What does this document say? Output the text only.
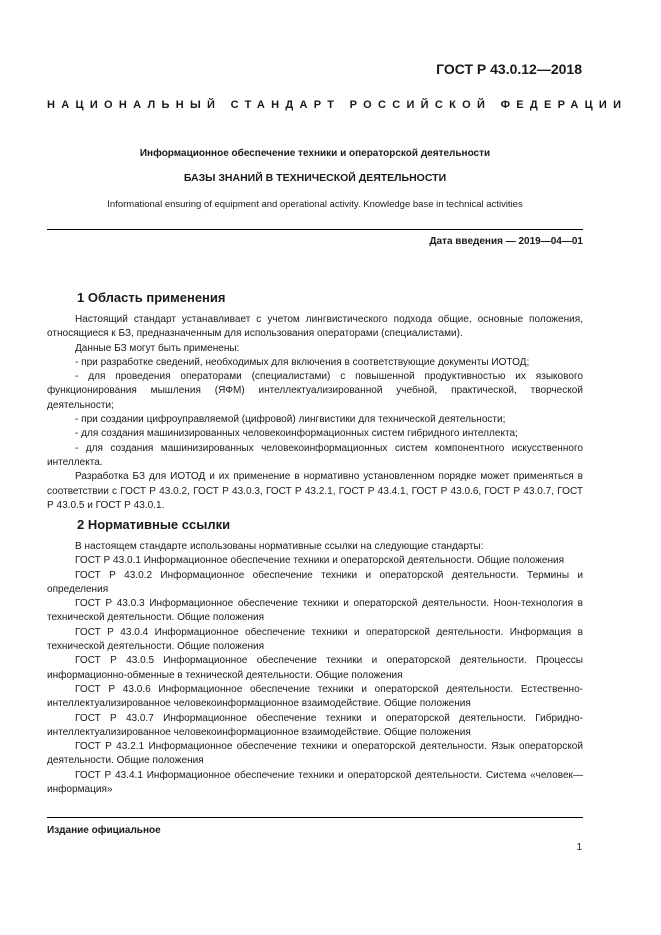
ГОСТ Р 43.0.12—2018
НАЦИОНАЛЬНЫЙ СТАНДАРТ РОССИЙСКОЙ ФЕДЕРАЦИИ
Информационное обеспечение техники и операторской деятельности
БАЗЫ ЗНАНИЙ В ТЕХНИЧЕСКОЙ ДЕЯТЕЛЬНОСТИ
Informational ensuring of equipment and operational activity. Knowledge base in technical activities
Дата введения — 2019—04—01
1 Область применения

Настоящий стандарт устанавливает с учетом лингвистического подхода общие, основные положения, относящиеся к БЗ, предназначенным для использования операторами (специалистами).

Данные БЗ могут быть применены:

- при разработке сведений, необходимых для включения в соответствующие документы ИОТОД;

- для проведения операторами (специалистами) с повышенной продуктивностью их языкового функционирования мышления (ЯФМ) интеллектуализированной учебной, практической, творческой деятельности;

- при создании цифроуправляемой (цифровой) лингвистики для технической деятельности;

- для создания машинизированных человекоинформационных систем гибридного интеллекта;

- для создания машинизированных человекоинформационных систем компонентного искусственного интеллекта.

Разработка БЗ для ИОТОД и их применение в нормативно установленном порядке может применяться в соответствии с ГОСТ Р 43.0.2, ГОСТ Р 43.0.3, ГОСТ Р 43.2.1, ГОСТ Р 43.4.1, ГОСТ Р 43.0.6, ГОСТ Р 43.0.7, ГОСТ Р 43.0.5 и ГОСТ Р 43.0.1.

2 Нормативные ссылки

В настоящем стандарте использованы нормативные ссылки на следующие стандарты:

ГОСТ Р 43.0.1 Информационное обеспечение техники и операторской деятельности. Общие положения

ГОСТ Р 43.0.2 Информационное обеспечение техники и операторской деятельности. Термины и определения

ГОСТ Р 43.0.3 Информационное обеспечение техники и операторской деятельности. Ноон-технология в технической деятельности. Общие положения

ГОСТ Р 43.0.4 Информационное обеспечение техники и операторской деятельности. Информация в технической деятельности. Общие положения

ГОСТ Р 43.0.5 Информационное обеспечение техники и операторской деятельности. Процессы информационно-обменные в технической деятельности. Общие положения

ГОСТ Р 43.0.6 Информационное обеспечение техники и операторской деятельности. Естественно-интеллектуализированное человекоинформационное взаимодействие. Общие положения

ГОСТ Р 43.0.7 Информационное обеспечение техники и операторской деятельности. Гибридно-интеллектуализированное человекоинформационное взаимодействие. Общие положения

ГОСТ Р 43.2.1 Информационное обеспечение техники и операторской деятельности. Язык операторской деятельности. Общие положения

ГОСТ Р 43.4.1 Информационное обеспечение техники и операторской деятельности. Система «человек—информация»

Издание официальное
1
